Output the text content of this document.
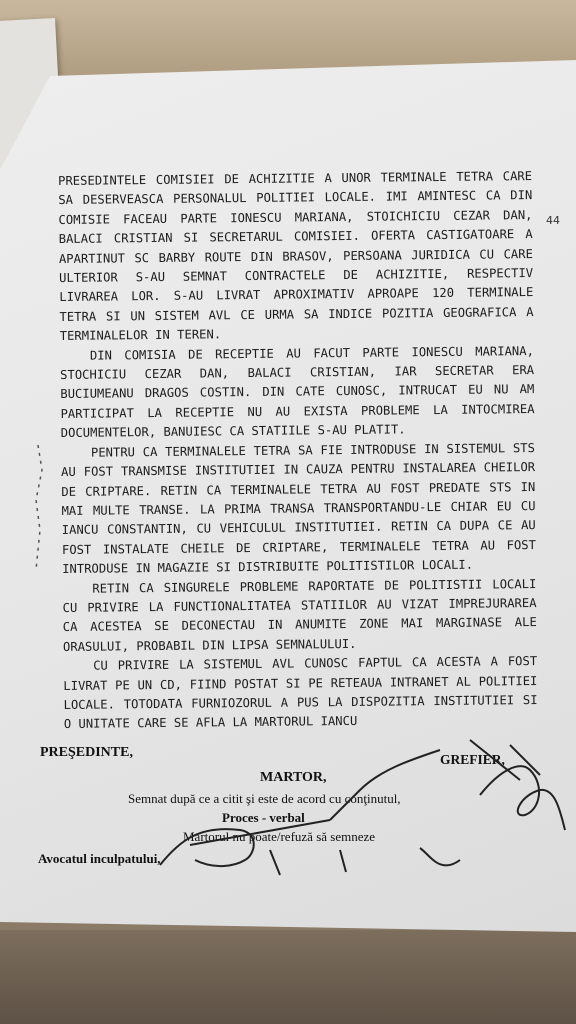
44

PRESEDINTELE COMISIEI DE ACHIZITIE A UNOR TERMINALE TETRA CARE SA DESERVEASCA PERSONALUL POLITIEI LOCALE. IMI AMINTESC CA DIN COMISIE FACEAU PARTE IONESCU MARIANA, STOICHICIU CEZAR DAN, BALACI CRISTIAN SI SECRETARUL COMISIEI. OFERTA CASTIGATOARE A APARTINUT SC BARBY ROUTE DIN BRASOV, PERSOANA JURIDICA CU CARE ULTERIOR S-AU SEMNAT CONTRACTELE DE ACHIZITIE, RESPECTIV LIVRAREA LOR. S-AU LIVRAT APROXIMATIV APROAPE 120 TERMINALE TETRA SI UN SISTEM AVL CE URMA SA INDICE POZITIA GEOGRAFICA A TERMINALELOR IN TEREN.

DIN COMISIA DE RECEPTIE AU FACUT PARTE IONESCU MARIANA, STOCHICIU CEZAR DAN, BALACI CRISTIAN, IAR SECRETAR ERA BUCIUMEANU DRAGOS COSTIN. DIN CATE CUNOSC, INTRUCAT EU NU AM PARTICIPAT LA RECEPTIE NU AU EXISTA PROBLEME LA INTOCMIREA DOCUMENTELOR, BANUIESC CA STATIILE S-AU PLATIT.

PENTRU CA TERMINALELE TETRA SA FIE INTRODUSE IN SISTEMUL STS AU FOST TRANSMISE INSTITUTIEI IN CAUZA PENTRU INSTALAREA CHEILOR DE CRIPTARE. RETIN CA TERMINALELE TETRA AU FOST PREDATE STS IN MAI MULTE TRANSE. LA PRIMA TRANSA TRANSPORTANDU-LE CHIAR EU CU IANCU CONSTANTIN, CU VEHICULUL INSTITUTIEI. RETIN CA DUPA CE AU FOST INSTALATE CHEILE DE CRIPTARE, TERMINALELE TETRA AU FOST INTRODUSE IN MAGAZIE SI DISTRIBUITE POLITISTILOR LOCALI.

RETIN CA SINGURELE PROBLEME RAPORTATE DE POLITISTII LOCALI CU PRIVIRE LA FUNCTIONALITATEA STATIILOR AU VIZAT IMPREJURAREA CA ACESTEA SE DECONECTAU IN ANUMITE ZONE MAI MARGINASE ALE ORASULUI, PROBABIL DIN LIPSA SEMNALULUI.

CU PRIVIRE LA SISTEMUL AVL CUNOSC FAPTUL CA ACESTA A FOST LIVRAT PE UN CD, FIIND POSTAT SI PE RETEAUA INTRANET AL POLITIEI LOCALE. TOTODATA FURNIOZORUL A PUS LA DISPOZITIA INSTITUTIEI SI O UNITATE CARE SE AFLA LA MARTORUL IANCU

PREŞEDINTE,	GREFIER,
MARTOR,
Semnat după ce a citit şi este de acord cu conţinutul,
Proces - verbal
Martorul nu poate/refuză să semneze
Avocatul inculpatului,
